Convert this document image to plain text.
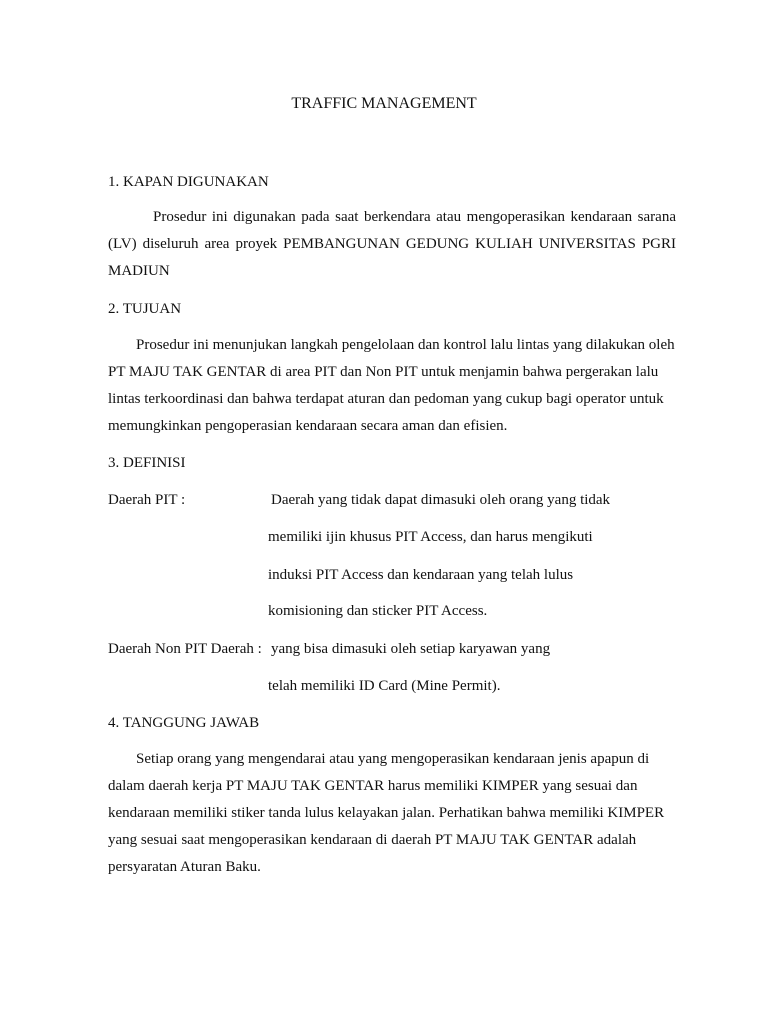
TRAFFIC MANAGEMENT
1. KAPAN DIGUNAKAN
Prosedur ini digunakan pada saat berkendara atau mengoperasikan kendaraan sarana
(LV) diseluruh area proyek PEMBANGUNAN GEDUNG KULIAH UNIVERSITAS PGRI
MADIUN
2. TUJUAN
Prosedur ini menunjukan langkah pengelolaan dan kontrol lalu lintas yang dilakukan oleh
PT MAJU TAK GENTAR di area PIT dan Non PIT untuk menjamin bahwa pergerakan lalu
lintas terkoordinasi dan bahwa terdapat aturan dan pedoman yang cukup bagi operator untuk
memungkinkan pengoperasian kendaraan secara aman dan efisien.
3. DEFINISI
Daerah PIT :	Daerah yang tidak dapat dimasuki oleh orang yang tidak
memiliki ijin khusus PIT Access, dan harus mengikuti
induksi PIT Access dan kendaraan yang telah lulus
komisioning dan sticker PIT Access.
Daerah Non PIT Daerah : yang bisa dimasuki oleh setiap karyawan yang
telah memiliki ID Card (Mine Permit).
4. TANGGUNG JAWAB
Setiap orang yang mengendarai atau yang mengoperasikan kendaraan jenis apapun di
dalam daerah kerja PT MAJU TAK GENTAR harus memiliki KIMPER yang sesuai dan
kendaraan memiliki stiker tanda lulus kelayakan jalan. Perhatikan bahwa memiliki KIMPER
yang sesuai saat mengoperasikan kendaraan di daerah PT MAJU TAK GENTAR adalah
persyaratan Aturan Baku.
